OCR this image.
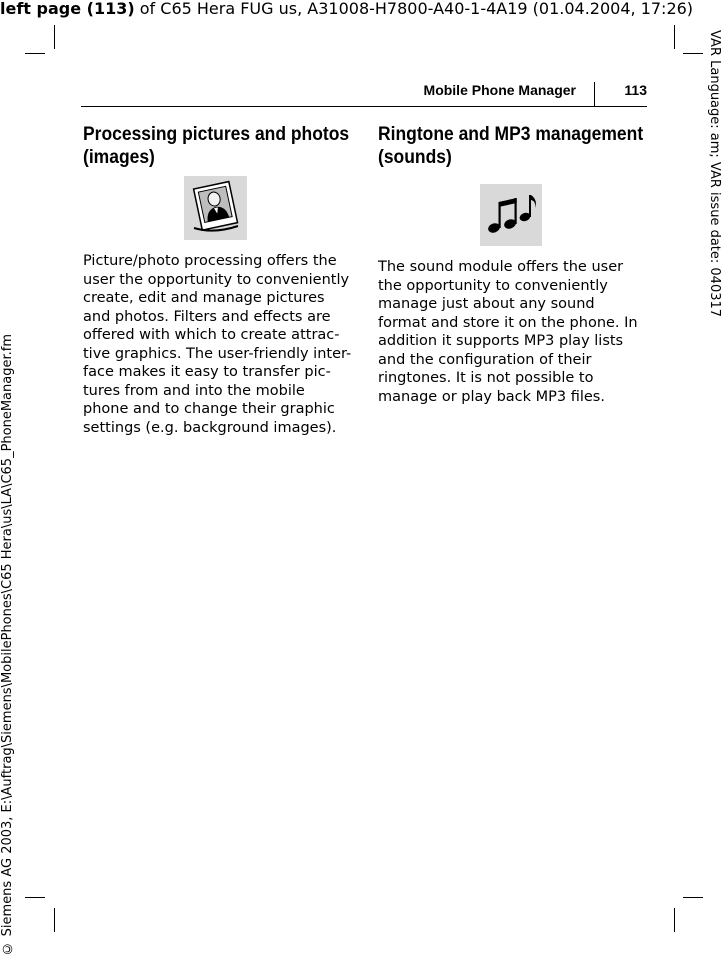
left page (113) of C65 Hera FUG us, A31008-H7800-A40-1-4A19 (01.04.2004, 17:26)
VAR Language: am; VAR issue date: 040317
© Siemens AG 2003, E:\Auftrag\Siemens\MobilePhones\C65 Hera\us\LA\C65_PhoneManager.fm
Mobile Phone Manager	113
Processing pictures and photos (images)

Picture/photo processing offers the user the opportunity to conveniently create, edit and manage pictures and photos. Filters and effects are offered with which to create attrac-tive graphics. The user-friendly inter-face makes it easy to transfer pic-tures from and into the mobile phone and to change their graphic settings (e.g. background images).

Ringtone and MP3 management (sounds)

The sound module offers the user the opportunity to conveniently manage just about any sound format and store it on the phone. In addition it supports MP3 play lists and the configuration of their ringtones. It is not possible to manage or play back MP3 files.
